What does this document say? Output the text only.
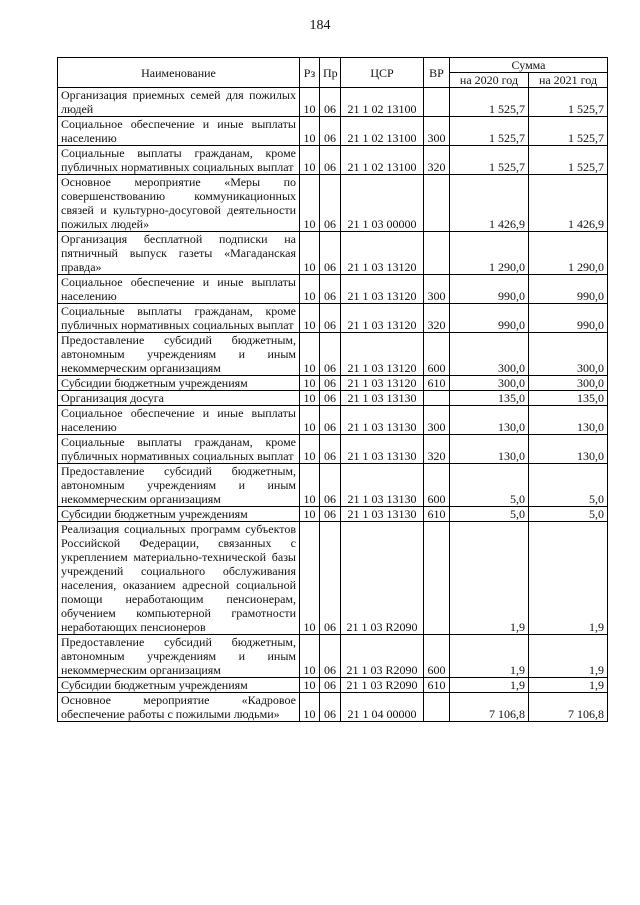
184
Наименование	Рз	Пр	ЦСР	ВР	Сумма	
					на 2020 год	на 2021 год
Организация приемных семей для пожилых людей	10	06	21 1 02 13100		1 525,7	1 525,7
Социальное обеспечение и иные выплаты населению	10	06	21 1 02 13100	300	1 525,7	1 525,7
Социальные выплаты гражданам, кроме публичных нормативных социальных выплат	10	06	21 1 02 13100	320	1 525,7	1 525,7
Основное мероприятие «Меры по совершенствованию коммуникационных связей и культурно-досуговой деятельности пожилых людей»	10	06	21 1 03 00000		1 426,9	1 426,9
Организация бесплатной подписки на пятничный выпуск газеты «Магаданская правда»	10	06	21 1 03 13120		1 290,0	1 290,0
Социальное обеспечение и иные выплаты населению	10	06	21 1 03 13120	300	990,0	990,0
Социальные выплаты гражданам, кроме публичных нормативных социальных выплат	10	06	21 1 03 13120	320	990,0	990,0
Предоставление субсидий бюджетным, автономным учреждениям и иным некоммерческим организациям	10	06	21 1 03 13120	600	300,0	300,0
Субсидии бюджетным учреждениям	10	06	21 1 03 13120	610	300,0	300,0
Организация досуга	10	06	21 1 03 13130		135,0	135,0
Социальное обеспечение и иные выплаты населению	10	06	21 1 03 13130	300	130,0	130,0
Социальные выплаты гражданам, кроме публичных нормативных социальных выплат	10	06	21 1 03 13130	320	130,0	130,0
Предоставление субсидий бюджетным, автономным учреждениям и иным некоммерческим организациям	10	06	21 1 03 13130	600	5,0	5,0
Субсидии бюджетным учреждениям	10	06	21 1 03 13130	610	5,0	5,0
Реализация социальных программ субъектов Российской Федерации, связанных с укреплением материально-технической базы учреждений социального обслуживания населения, оказанием адресной социальной помощи неработающим пенсионерам, обучением компьютерной грамотности неработающих пенсионеров	10	06	21 1 03 R2090		1,9	1,9
Предоставление субсидий бюджетным, автономным учреждениям и иным некоммерческим организациям	10	06	21 1 03 R2090	600	1,9	1,9
Субсидии бюджетным учреждениям	10	06	21 1 03 R2090	610	1,9	1,9
Основное мероприятие «Кадровое обеспечение работы с пожилыми людьми»	10	06	21 1 04 00000		7 106,8	7 106,8
